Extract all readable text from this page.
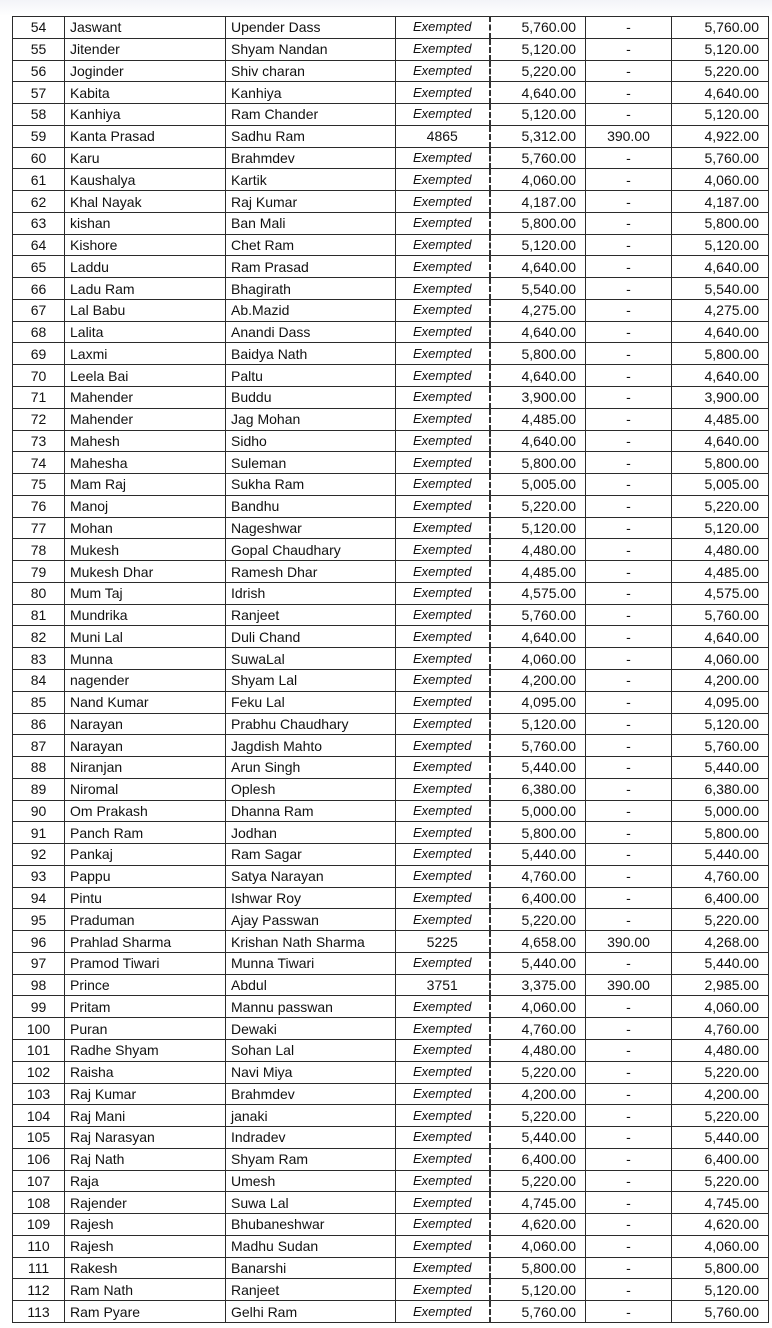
54	Jaswant	Upender Dass	Exempted	5,760.00	-	5,760.00
55	Jitender	Shyam Nandan	Exempted	5,120.00	-	5,120.00
56	Joginder	Shiv charan	Exempted	5,220.00	-	5,220.00
57	Kabita	Kanhiya	Exempted	4,640.00	-	4,640.00
58	Kanhiya	Ram Chander	Exempted	5,120.00	-	5,120.00
59	Kanta Prasad	Sadhu Ram	4865	5,312.00	390.00	4,922.00
60	Karu	Brahmdev	Exempted	5,760.00	-	5,760.00
61	Kaushalya	Kartik	Exempted	4,060.00	-	4,060.00
62	Khal Nayak	Raj Kumar	Exempted	4,187.00	-	4,187.00
63	kishan	Ban Mali	Exempted	5,800.00	-	5,800.00
64	Kishore	Chet Ram	Exempted	5,120.00	-	5,120.00
65	Laddu	Ram Prasad	Exempted	4,640.00	-	4,640.00
66	Ladu Ram	Bhagirath	Exempted	5,540.00	-	5,540.00
67	Lal Babu	Ab.Mazid	Exempted	4,275.00	-	4,275.00
68	Lalita	Anandi Dass	Exempted	4,640.00	-	4,640.00
69	Laxmi	Baidya Nath	Exempted	5,800.00	-	5,800.00
70	Leela Bai	Paltu	Exempted	4,640.00	-	4,640.00
71	Mahender	Buddu	Exempted	3,900.00	-	3,900.00
72	Mahender	Jag Mohan	Exempted	4,485.00	-	4,485.00
73	Mahesh	Sidho	Exempted	4,640.00	-	4,640.00
74	Mahesha	Suleman	Exempted	5,800.00	-	5,800.00
75	Mam Raj	Sukha Ram	Exempted	5,005.00	-	5,005.00
76	Manoj	Bandhu	Exempted	5,220.00	-	5,220.00
77	Mohan	Nageshwar	Exempted	5,120.00	-	5,120.00
78	Mukesh	Gopal Chaudhary	Exempted	4,480.00	-	4,480.00
79	Mukesh Dhar	Ramesh Dhar	Exempted	4,485.00	-	4,485.00
80	Mum Taj	Idrish	Exempted	4,575.00	-	4,575.00
81	Mundrika	Ranjeet	Exempted	5,760.00	-	5,760.00
82	Muni Lal	Duli Chand	Exempted	4,640.00	-	4,640.00
83	Munna	SuwaLal	Exempted	4,060.00	-	4,060.00
84	nagender	Shyam Lal	Exempted	4,200.00	-	4,200.00
85	Nand Kumar	Feku Lal	Exempted	4,095.00	-	4,095.00
86	Narayan	Prabhu Chaudhary	Exempted	5,120.00	-	5,120.00
87	Narayan	Jagdish Mahto	Exempted	5,760.00	-	5,760.00
88	Niranjan	Arun Singh	Exempted	5,440.00	-	5,440.00
89	Niromal	Oplesh	Exempted	6,380.00	-	6,380.00
90	Om Prakash	Dhanna Ram	Exempted	5,000.00	-	5,000.00
91	Panch Ram	Jodhan	Exempted	5,800.00	-	5,800.00
92	Pankaj	Ram Sagar	Exempted	5,440.00	-	5,440.00
93	Pappu	Satya Narayan	Exempted	4,760.00	-	4,760.00
94	Pintu	Ishwar Roy	Exempted	6,400.00	-	6,400.00
95	Praduman	Ajay Passwan	Exempted	5,220.00	-	5,220.00
96	Prahlad Sharma	Krishan Nath Sharma	5225	4,658.00	390.00	4,268.00
97	Pramod Tiwari	Munna Tiwari	Exempted	5,440.00	-	5,440.00
98	Prince	Abdul	3751	3,375.00	390.00	2,985.00
99	Pritam	Mannu passwan	Exempted	4,060.00	-	4,060.00
100	Puran	Dewaki	Exempted	4,760.00	-	4,760.00
101	Radhe Shyam	Sohan Lal	Exempted	4,480.00	-	4,480.00
102	Raisha	Navi Miya	Exempted	5,220.00	-	5,220.00
103	Raj Kumar	Brahmdev	Exempted	4,200.00	-	4,200.00
104	Raj Mani	janaki	Exempted	5,220.00	-	5,220.00
105	Raj Narasyan	Indradev	Exempted	5,440.00	-	5,440.00
106	Raj Nath	Shyam Ram	Exempted	6,400.00	-	6,400.00
107	Raja	Umesh	Exempted	5,220.00	-	5,220.00
108	Rajender	Suwa Lal	Exempted	4,745.00	-	4,745.00
109	Rajesh	Bhubaneshwar	Exempted	4,620.00	-	4,620.00
110	Rajesh	Madhu Sudan	Exempted	4,060.00	-	4,060.00
111	Rakesh	Banarshi	Exempted	5,800.00	-	5,800.00
112	Ram Nath	Ranjeet	Exempted	5,120.00	-	5,120.00
113	Ram Pyare	Gelhi Ram	Exempted	5,760.00	-	5,760.00
